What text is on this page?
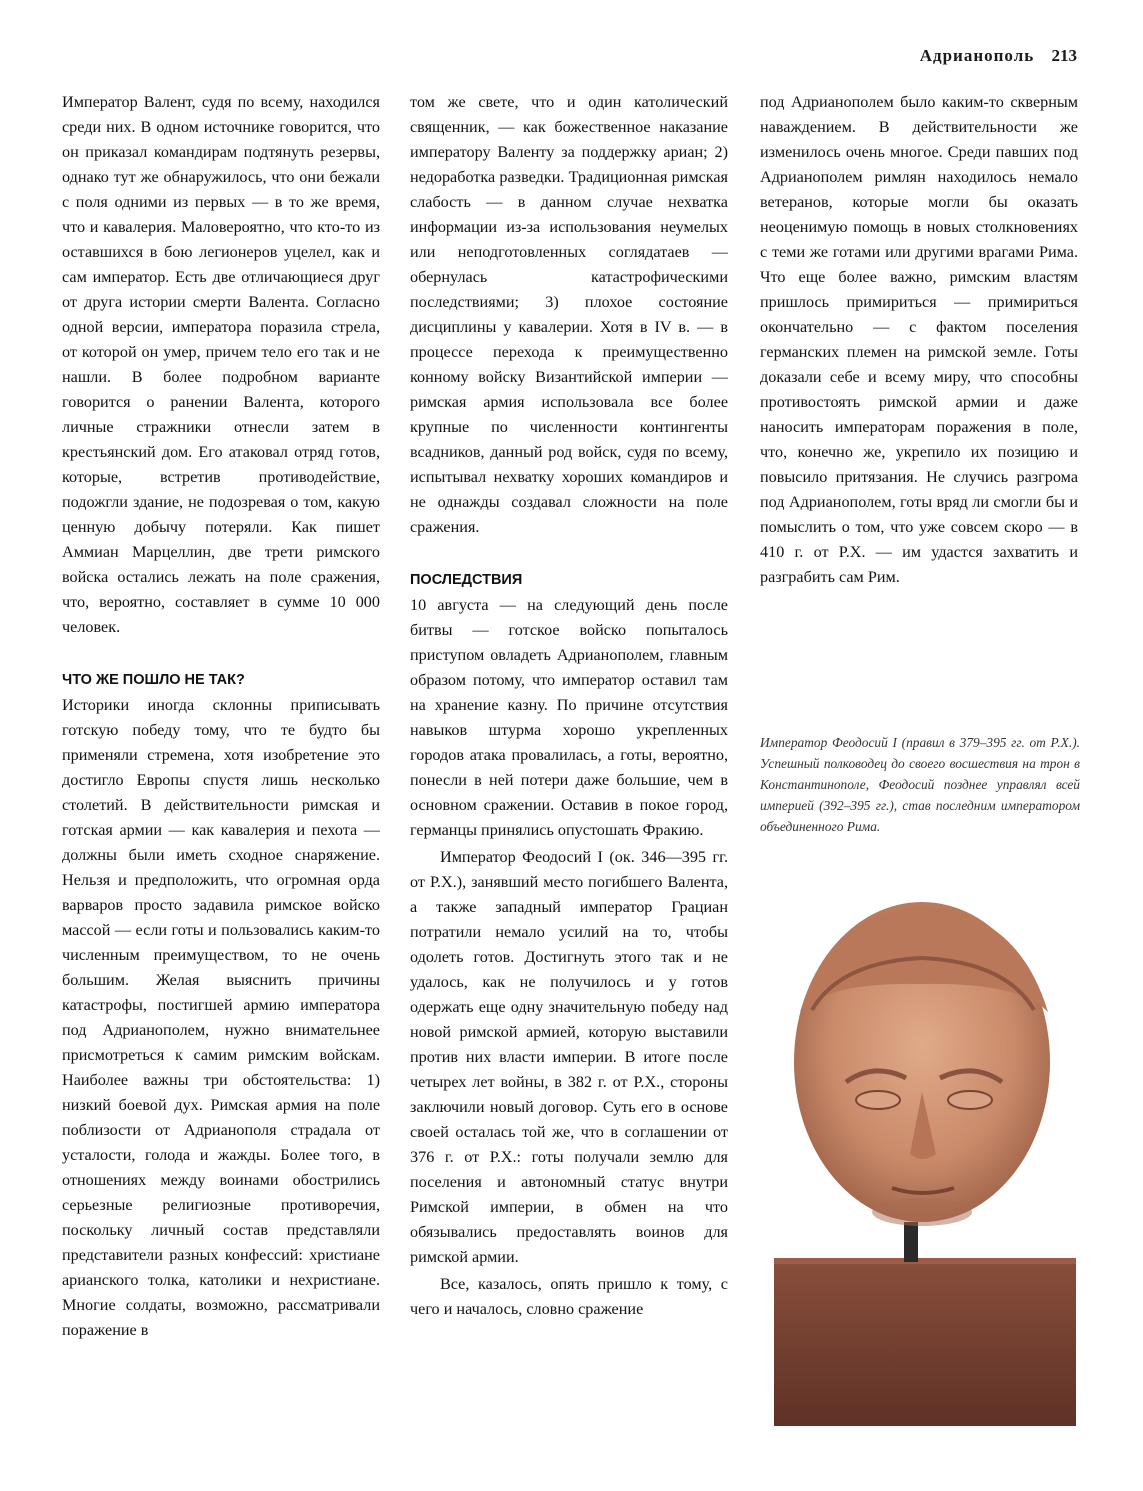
Адрианополь 213

Император Валент, судя по всему, находился среди них. В одном источнике говорится, что он приказал командирам подтянуть резервы, однако тут же обнаружилось, что они бежали с поля одними из первых — в то же время, что и кавалерия. Маловероятно, что кто-то из оставшихся в бою легионеров уцелел, как и сам император. Есть две отличающиеся друг от друга истории смерти Валента. Согласно одной версии, императора поразила стрела, от которой он умер, причем тело его так и не нашли. В более подробном варианте говорится о ранении Валента, которого личные стражники отнесли затем в крестьянский дом. Его атаковал отряд готов, которые, встретив противодействие, подожгли здание, не подозревая о том, какую ценную добычу потеряли. Как пишет Аммиан Марцеллин, две трети римского войска остались лежать на поле сражения, что, вероятно, составляет в сумме 10 000 человек.

ЧТО ЖЕ ПОШЛО НЕ ТАК?

Историки иногда склонны приписывать готскую победу тому, что те будто бы применяли стремена, хотя изобретение это достигло Европы спустя лишь несколько столетий. В действительности римская и готская армии — как кавалерия и пехота — должны были иметь сходное снаряжение. Нельзя и предположить, что огромная орда варваров просто задавила римское войско массой — если готы и пользовались каким-то численным преимуществом, то не очень большим. Желая выяснить причины катастрофы, постигшей армию императора под Адрианополем, нужно внимательнее присмотреться к самим римским войскам. Наиболее важны три обстоятельства: 1) низкий боевой дух. Римская армия на поле поблизости от Адрианополя страдала от усталости, голода и жажды. Более того, в отношениях между воинами обострились серьезные религиозные противоречия, поскольку личный состав представляли представители разных конфессий: христиане арианского толка, католики и нехристиане. Многие солдаты, возможно, рассматривали поражение в

том же свете, что и один католический священник, — как божественное наказание императору Валенту за поддержку ариан; 2) недоработка разведки. Традиционная римская слабость — в данном случае нехватка информации из-за использования неумелых или неподготовленных соглядатаев — обернулась катастрофическими последствиями; 3) плохое состояние дисциплины у кавалерии. Хотя в IV в. — в процессе перехода к преимущественно конному войску Византийской империи — римская армия использовала все более крупные по численности контингенты всадников, данный род войск, судя по всему, испытывал нехватку хороших командиров и не однажды создавал сложности на поле сражения.

ПОСЛЕДСТВИЯ

10 августа — на следующий день после битвы — готское войско попыталось приступом овладеть Адрианополем, главным образом потому, что император оставил там на хранение казну. По причине отсутствия навыков штурма хорошо укрепленных городов атака провалилась, а готы, вероятно, понесли в ней потери даже большие, чем в основном сражении. Оставив в покое город, германцы принялись опустошать Фракию.

Император Феодосий I (ок. 346—395 гг. от Р.Х.), занявший место погибшего Валента, а также западный император Грациан потратили немало усилий на то, чтобы одолеть готов. Достигнуть этого так и не удалось, как не получилось и у готов одержать еще одну значительную победу над новой римской армией, которую выставили против них власти империи. В итоге после четырех лет войны, в 382 г. от Р.Х., стороны заключили новый договор. Суть его в основе своей осталась той же, что в соглашении от 376 г. от Р.Х.: готы получали землю для поселения и автономный статус внутри Римской империи, в обмен на что обязывались предоставлять воинов для римской армии.

Все, казалось, опять пришло к тому, с чего и началось, словно сражение

под Адрианополем было каким-то скверным наваждением. В действительности же изменилось очень многое. Среди павших под Адрианополем римлян находилось немало ветеранов, которые могли бы оказать неоценимую помощь в новых столкновениях с теми же готами или другими врагами Рима. Что еще более важно, римским властям пришлось примириться — примириться окончательно — с фактом поселения германских племен на римской земле. Готы доказали себе и всему миру, что способны противостоять римской армии и даже наносить императорам поражения в поле, что, конечно же, укрепило их позицию и повысило притязания. Не случись разгрома под Адрианополем, готы вряд ли смогли бы и помыслить о том, что уже совсем скоро — в 410 г. от Р.Х. — им удастся захватить и разграбить сам Рим.

Император Феодосий I (правил в 379–395 гг. от Р.Х.). Успешный полководец до своего восшествия на трон в Константинополе, Феодосий позднее управлял всей империей (392–395 гг.), став последним императором объединенного Рима.
